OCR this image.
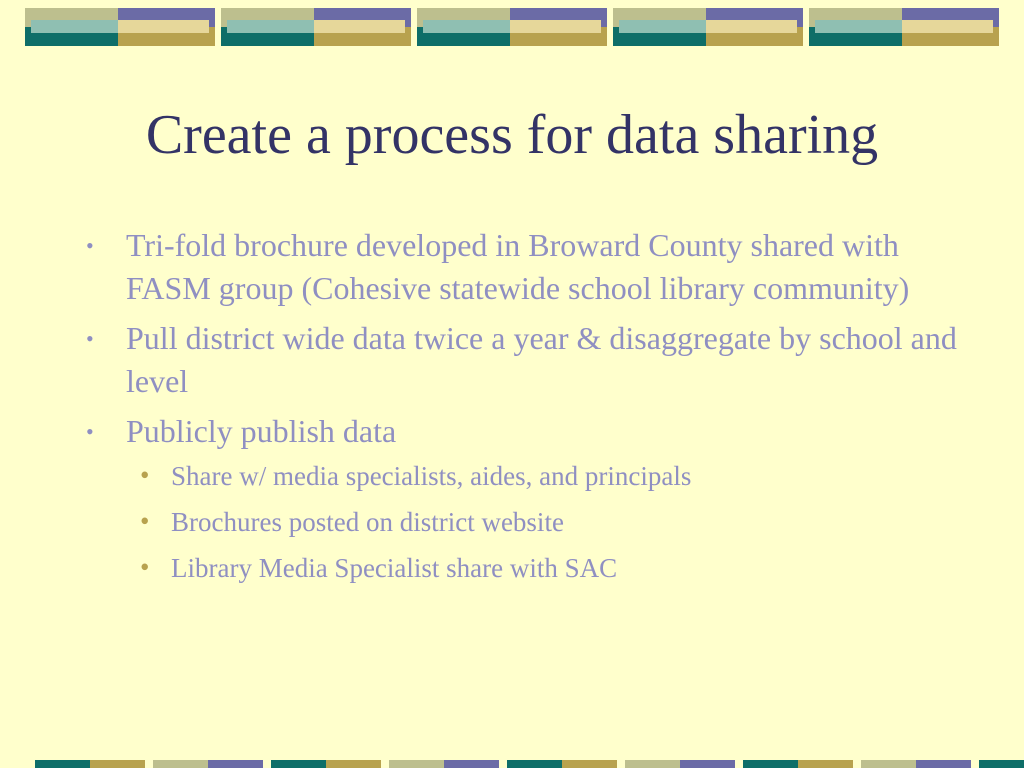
Create a process for data sharing
• Tri-fold brochure developed in Broward County shared with FASM group (Cohesive statewide school library community)
• Pull district wide data twice a year & disaggregate by school and level
• Publicly publish data
• Share w/ media specialists, aides, and principals
• Brochures posted on district website
• Library Media Specialist share with SAC
